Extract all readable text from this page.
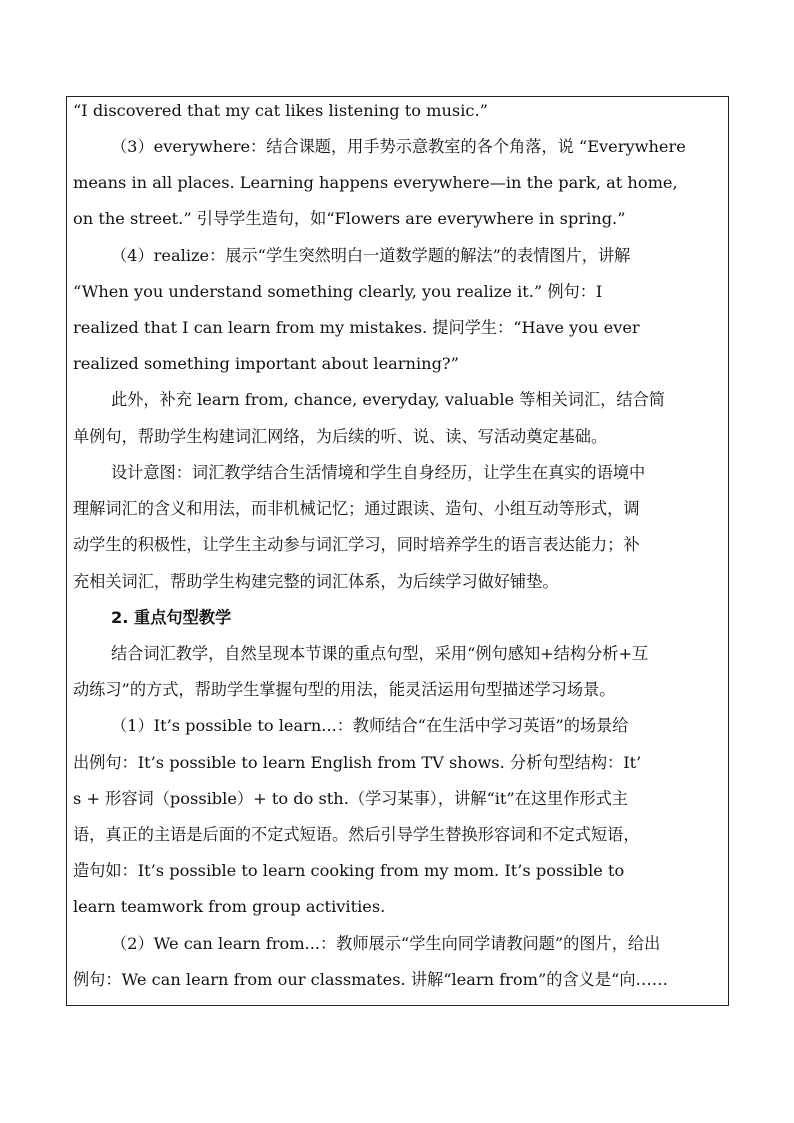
“I discovered that my cat likes listening to music.”
（3）everywhere：结合课题，用手势示意教室的各个角落，说 “Everywhere
means in all places. Learning happens everywhere—in the park, at home,
on the street.” 引导学生造句，如“Flowers are everywhere in spring.”
（4）realize：展示“学生突然明白一道数学题的解法”的表情图片，讲解
“When you understand something clearly, you realize it.” 例句：I
realized that I can learn from my mistakes. 提问学生：“Have you ever
realized something important about learning?”
此外，补充 learn from, chance, everyday, valuable 等相关词汇，结合简
单例句，帮助学生构建词汇网络，为后续的听、说、读、写活动奠定基础。
设计意图：词汇教学结合生活情境和学生自身经历，让学生在真实的语境中
理解词汇的含义和用法，而非机械记忆；通过跟读、造句、小组互动等形式，调
动学生的积极性，让学生主动参与词汇学习，同时培养学生的语言表达能力；补
充相关词汇，帮助学生构建完整的词汇体系，为后续学习做好铺垫。
2. 重点句型教学
结合词汇教学，自然呈现本节课的重点句型，采用“例句感知+结构分析+互
动练习”的方式，帮助学生掌握句型的用法，能灵活运用句型描述学习场景。
（1）It’s possible to learn...：教师结合“在生活中学习英语”的场景给
出例句：It’s possible to learn English from TV shows. 分析句型结构：It’
s + 形容词（possible）+ to do sth.（学习某事），讲解“it”在这里作形式主
语，真正的主语是后面的不定式短语。然后引导学生替换形容词和不定式短语，
造句如：It’s possible to learn cooking from my mom. It’s possible to
learn teamwork from group activities.
（2）We can learn from...：教师展示“学生向同学请教问题”的图片，给出
例句：We can learn from our classmates. 讲解“learn from”的含义是“向……
